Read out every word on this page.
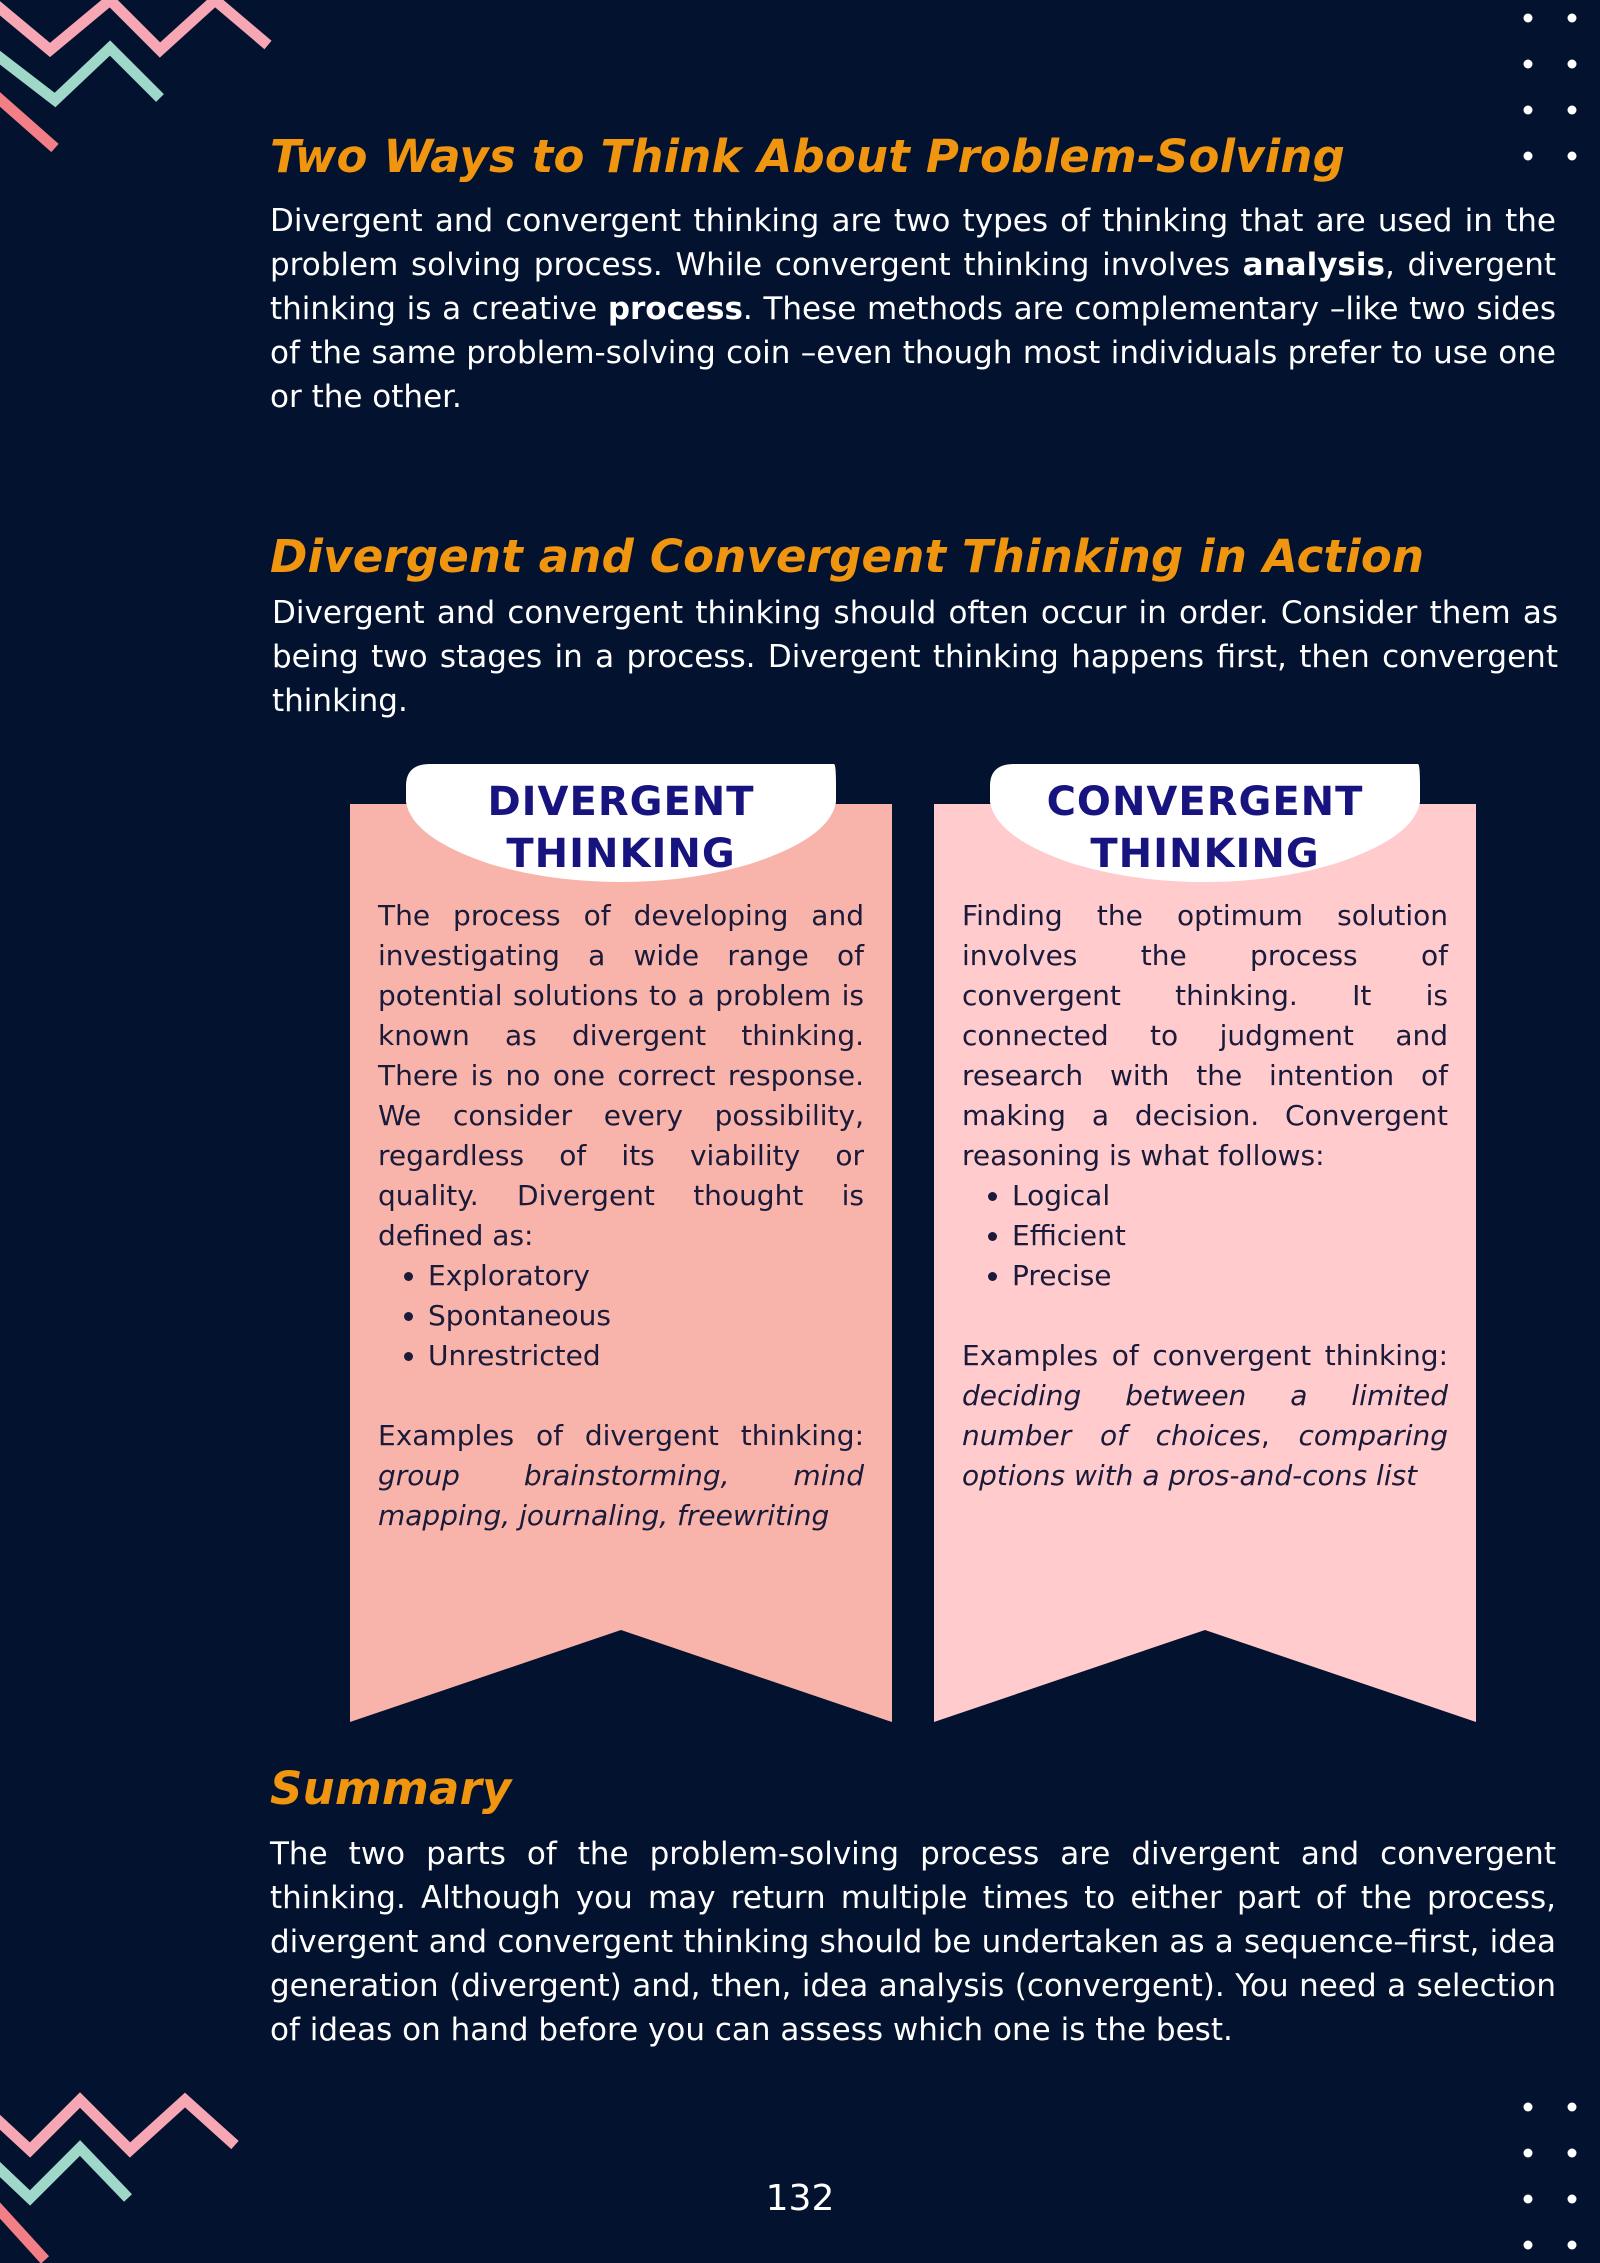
Two Ways to Think About Problem-Solving

Divergent and convergent thinking are two types of thinking that are used in the problem solving process. While convergent thinking involves analysis, divergent thinking is a creative process. These methods are complementary –like two sides of the same problem-solving coin –even though most individuals prefer to use one or the other.

Divergent and Convergent Thinking in Action

Divergent and convergent thinking should often occur in order. Consider them as being two stages in a process. Divergent thinking happens first, then convergent thinking.

DIVERGENT
THINKING

The process of developing and investigating a wide range of potential solutions to a problem is known as divergent thinking. There is no one correct response. We consider every possibility, regardless of its viability or quality. Divergent thought is defined as:

• Exploratory
• Spontaneous
• Unrestricted

Examples of divergent thinking: group brainstorming, mind mapping, journaling, freewriting

CONVERGENT
THINKING

Finding the optimum solution involves the process of convergent thinking. It is connected to judgment and research with the intention of making a decision. Convergent reasoning is what follows:

• Logical
• Efficient
• Precise

Examples of convergent thinking: deciding between a limited number of choices, comparing options with a pros-and-cons list

Summary

The two parts of the problem-solving process are divergent and convergent thinking. Although you may return multiple times to either part of the process, divergent and convergent thinking should be undertaken as a sequence–first, idea generation (divergent) and, then, idea analysis (convergent). You need a selection of ideas on hand before you can assess which one is the best.

132
